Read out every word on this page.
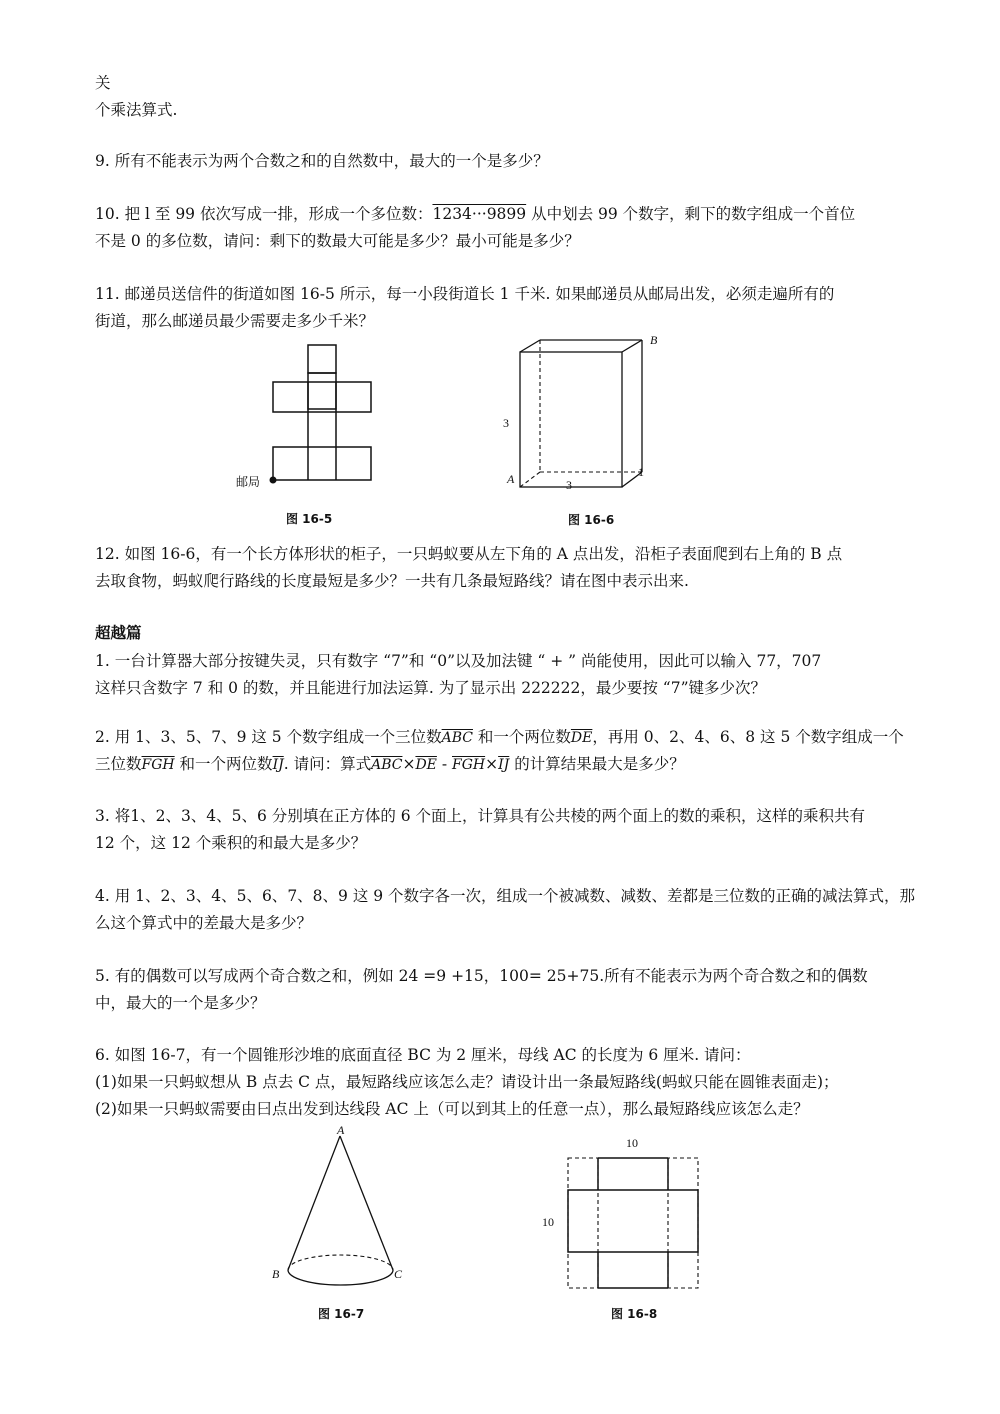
关
个乘法算式.
9. 所有不能表示为两个合数之和的自然数中，最大的一个是多少？
10. 把 l 至 99 依次写成一排，形成一个多位数：1234···9899 从中划去 99 个数字，剩下的数字组成一个首位
不是 0 的多位数，请问：剩下的数最大可能是多少？最小可能是多少？
11. 邮递员送信件的街道如图 16-5 所示，每一小段街道长 1 千米. 如果邮递员从邮局出发，必须走遍所有的
街道，那么邮递员最少需要走多少千米？
邮局
图 16-5
B
3
A	3
1
图 16-6
12. 如图 16-6，有一个长方体形状的柜子，一只蚂蚁要从左下角的 A 点出发，沿柜子表面爬到右上角的 B 点
去取食物，蚂蚁爬行路线的长度最短是多少？一共有几条最短路线？请在图中表示出来.
超越篇
1. 一台计算器大部分按键失灵，只有数字 “7”和 “0”以及加法键 “ + ” 尚能使用，因此可以输入 77，707
这样只含数字 7 和 0 的数，并且能进行加法运算. 为了显示出 222222，最少要按 “7”键多少次？
2. 用 1、3、5、7、9 这 5 个数字组成一个三位数$\overline{ABC}$ 和一个两位数$\overline{DE}$，再用 0、2、4、6、8 这 5 个数字组成一个
三位数$\overline{FGH}$ 和一个两位数$\overline{IJ}$. 请问：算式$\overline{ABC}\times\overline{DE} - \overline{FGH}\times\overline{IJ}$ 的计算结果最大是多少？
3. 将1、2、3、4、5、6 分别填在正方体的 6 个面上，计算具有公共棱的两个面上的数的乘积，这样的乘积共有
12 个，这 12 个乘积的和最大是多少？
4. 用 1、2、3、4、5、6、7、8、9 这 9 个数字各一次，组成一个被减数、减数、差都是三位数的正确的减法算式，那
么这个算式中的差最大是多少？
5. 有的偶数可以写成两个奇合数之和，例如 24 =9 +15，100= 25+75.所有不能表示为两个奇合数之和的偶数
中，最大的一个是多少？
6. 如图 16-7，有一个圆锥形沙堆的底面直径 BC 为 2 厘米，母线 AC 的长度为 6 厘米. 请问：
(1)如果一只蚂蚁想从 B 点去 C 点，最短路线应该怎么走？请设计出一条最短路线(蚂蚁只能在圆锥表面走)；
(2)如果一只蚂蚁需要由曰点出发到达线段 AC 上（可以到其上的任意一点），那么最短路线应该怎么走？
A
B	C
图 16-7
10
10
图 16-8
